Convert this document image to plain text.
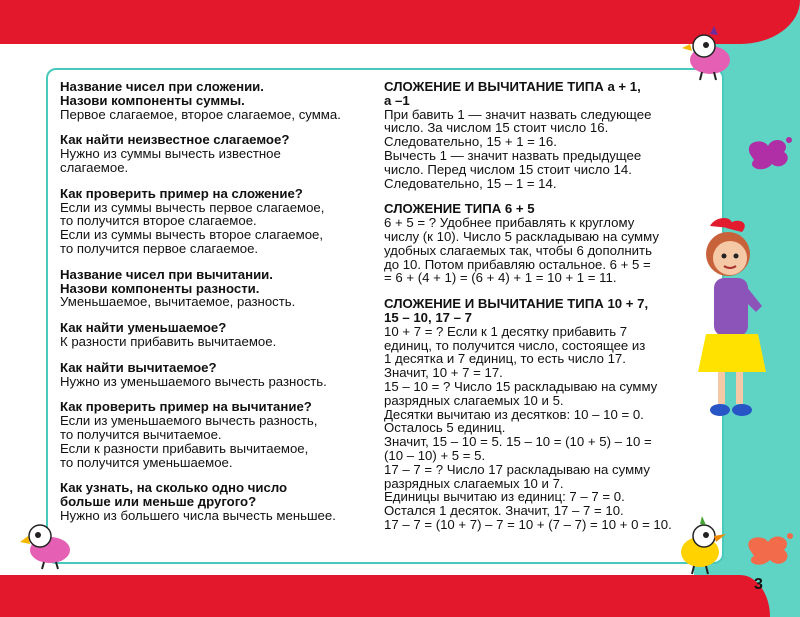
Название чисел при сложении.

Назови компоненты суммы.

Первое слагаемое, второе слагаемое, сумма.

Как найти неизвестное слагаемое?

Нужно из суммы вычесть известное

слагаемое.

Как проверить пример на сложение?

Если из суммы вычесть первое слагаемое,

то получится второе слагаемое.

Если из суммы вычесть второе слагаемое,

то получится первое слагаемое.

Название чисел при вычитании.

Назови компоненты разности.

Уменьшаемое, вычитаемое, разность.

Как найти уменьшаемое?

К разности прибавить вычитаемое.

Как найти вычитаемое?

Нужно из уменьшаемого вычесть разность.

Как проверить пример на вычитание?

Если из уменьшаемого вычесть разность,

то получится вычитаемое.

Если к разности прибавить вычитаемое,

то получится уменьшаемое.

Как узнать, на сколько одно число

больше или меньше другого?

Нужно из большего числа вычесть меньшее.

СЛОЖЕНИЕ И ВЫЧИТАНИЕ ТИПА a + 1,

a –1

При бавить 1 — значит назвать следующее

число. За числом 15 стоит число 16.

Следовательно, 15 + 1 = 16.

Вычесть 1 — значит назвать предыдущее

число. Перед числом 15 стоит число 14.

Следовательно, 15 – 1 = 14.

СЛОЖЕНИЕ ТИПА 6 + 5

6 + 5 = ? Удобнее прибавлять к круглому

числу (к 10). Число 5 раскладываю на сумму

удобных слагаемых так, чтобы 6 дополнить

до 10. Потом прибавляю остальное. 6 + 5 =

= 6 + (4 + 1) = (6 + 4) + 1 = 10 + 1 = 11.

СЛОЖЕНИЕ И ВЫЧИТАНИЕ ТИПА 10 + 7,

15 – 10, 17 – 7

10 + 7 = ? Если к 1 десятку прибавить 7

единиц, то получится число, состоящее из

1 десятка и 7 единиц, то есть число 17.

Значит, 10 + 7 = 17.

15 – 10 = ? Число 15 раскладываю на сумму

разрядных слагаемых 10 и 5.

Десятки вычитаю из десятков: 10 – 10 = 0.

Осталось 5 единиц.

Значит, 15 – 10 = 5. 15 – 10 = (10 + 5) – 10 =

(10 – 10) + 5 = 5.

17 – 7 = ? Число 17 раскладываю на сумму

разрядных слагаемых 10 и 7.

Единицы вычитаю из единиц: 7 – 7 = 0.

Остался 1 десяток. Значит, 17 – 7 = 10.

17 – 7 = (10 + 7) – 7 = 10 + (7 – 7) = 10 + 0 = 10.

3
